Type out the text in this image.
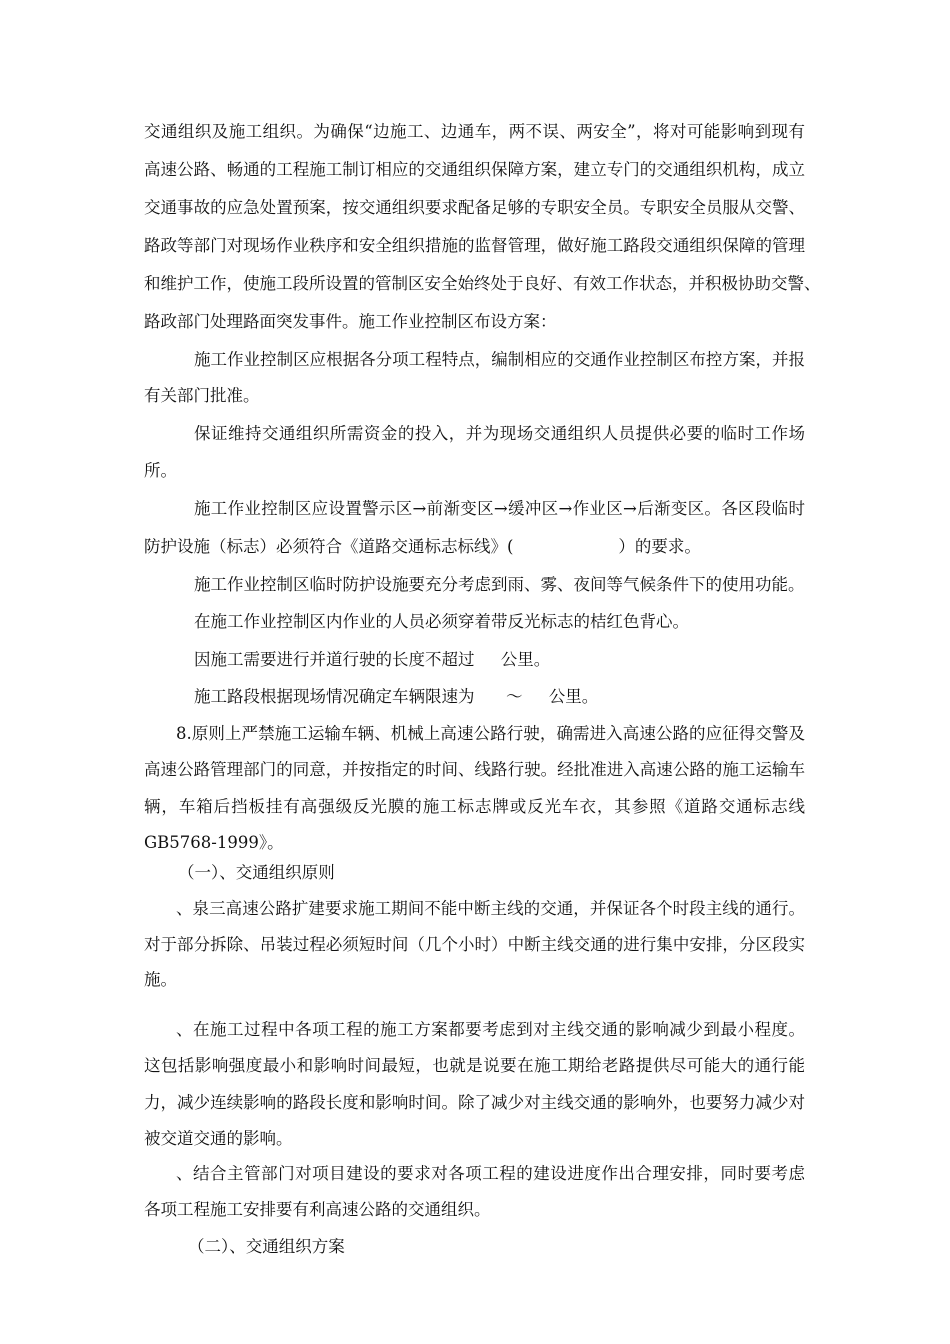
交通组织及施工组织。为确保“边施工、边通车，两不误、两安全”，将对可能影响到现有
高速公路、畅通的工程施工制订相应的交通组织保障方案，建立专门的交通组织机构，成立
交通事故的应急处置预案，按交通组织要求配备足够的专职安全员。专职安全员服从交警、
路政等部门对现场作业秩序和安全组织措施的监督管理，做好施工路段交通组织保障的管理
和维护工作，使施工段所设置的管制区安全始终处于良好、有效工作状态，并积极协助交警、
路政部门处理路面突发事件。施工作业控制区布设方案：
施工作业控制区应根据各分项工程特点，编制相应的交通作业控制区布控方案，并报
有关部门批准。
保证维持交通组织所需资金的投入，并为现场交通组织人员提供必要的临时工作场
所。
施工作业控制区应设置警示区→前渐变区→缓冲区→作业区→后渐变区。各区段临时
防护设施（标志）必须符合《道路交通标志标线》(                    ）的要求。
施工作业控制区临时防护设施要充分考虑到雨、雾、夜间等气候条件下的使用功能。
在施工作业控制区内作业的人员必须穿着带反光标志的桔红色背心。
因施工需要进行并道行驶的长度不超过     公里。
施工路段根据现场情况确定车辆限速为      ～     公里。
8.原则上严禁施工运输车辆、机械上高速公路行驶，确需进入高速公路的应征得交警及
高速公路管理部门的同意，并按指定的时间、线路行驶。经批准进入高速公路的施工运输车
辆，车箱后挡板挂有高强级反光膜的施工标志牌或反光车衣，其参照《道路交通标志线
GB5768-1999》。
（一）、交通组织原则
、泉三高速公路扩建要求施工期间不能中断主线的交通，并保证各个时段主线的通行。
对于部分拆除、吊装过程必须短时间（几个小时）中断主线交通的进行集中安排，分区段实
施。
、在施工过程中各项工程的施工方案都要考虑到对主线交通的影响减少到最小程度。
这包括影响强度最小和影响时间最短，也就是说要在施工期给老路提供尽可能大的通行能
力，减少连续影响的路段长度和影响时间。除了减少对主线交通的影响外，也要努力减少对
被交道交通的影响。
、结合主管部门对项目建设的要求对各项工程的建设进度作出合理安排，同时要考虑
各项工程施工安排要有利高速公路的交通组织。
（二）、交通组织方案
